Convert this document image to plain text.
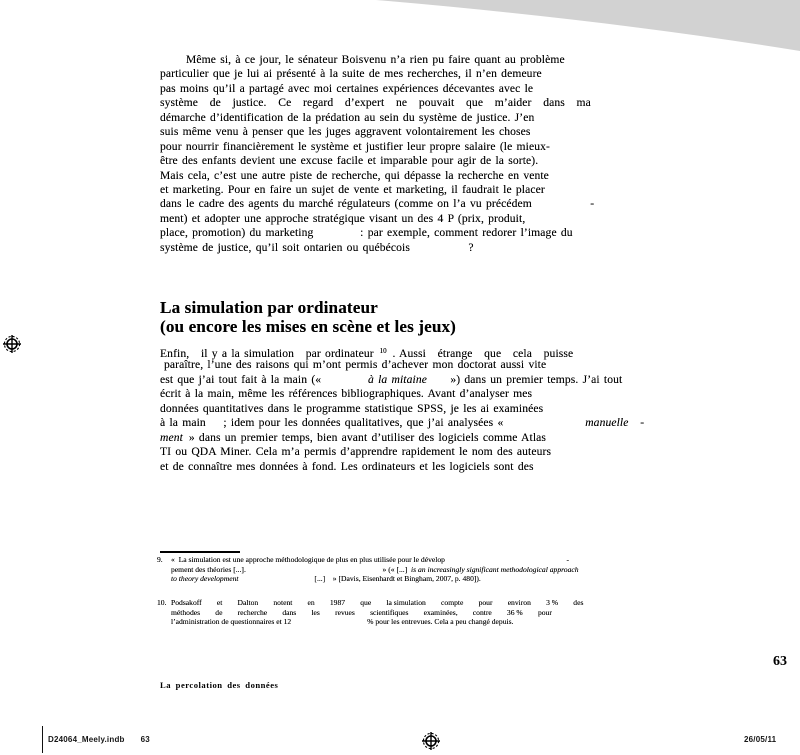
Même si, à ce jour, le sénateur Boisvenu n’a rien pu faire quant au problème
particulier que je lui ai présenté à la suite de mes recherches, il n’en demeure
pas moins qu’il a partagé avec moi certaines expériences décevantes avec le
système de justice. Ce regard d’expert ne pouvait que m’aider dans ma
démarche d’identification de la prédation au sein du système de justice. J’en
suis même venu à penser que les juges aggravent volontairement les choses
pour nourrir financièrement le système et justifier leur propre salaire (le mieux-
être des enfants devient une excuse facile et imparable pour agir de la sorte).
Mais cela, c’est une autre piste de recherche, qui dépasse la recherche en vente
et marketing. Pour en faire un sujet de vente et marketing, il faudrait le placer
dans le cadre des agents du marché régulateurs (comme on l’a vu précédem     -
ment) et adopter une approche stratégique visant un des 4 P (prix, produit,
place, promotion) du marketing    : par exemple, comment redorer l’image du
système de justice, qu’il soit ontarien ou québécois     ?
La simulation par ordinateur
(ou encore les mises en scène et les jeux)
Enfin, il y a la simulation par ordinateur $^{10}$ . Aussi étrange que cela puisse
paraître, l’une des raisons qui m’ont permis d’achever mon doctorat aussi vite
est que j’ai tout fait à la main («    à la mitaine  ») dans un premier temps. J’ai tout
écrit à la main, même les références bibliographiques. Avant d’analyser mes
données quantitatives dans le programme statistique SPSS, je les ai examinées
à la main  ; idem pour les données qualitatives, que j’ai analysées «       manuelle -
ment » dans un premier temps, bien avant d’utiliser des logiciels comme Atlas
TI ou QDA Miner. Cela m’a permis d’apprendre rapidement le nom des auteurs
et de connaître mes données à fond. Les ordinateurs et les logiciels sont des
9. « La simulation est une approche méthodologique de plus en plus utilisée pour le dévelop                -
pement des théories [...].                  » (« [...] is an increasingly significant methodological approach
to theory development          [...] » [Davis, Eisenhardt et Bingham, 2007, p. 480]).
10. Podsakoff  et  Dalton  notent  en  1987  que  la simulation  compte  pour  environ  3 %  des
méthodes  de  recherche  dans  les  revues  scientifiques  examinées,  contre  36 %  pour
l’administration de questionnaires et 12          % pour les entrevues. Cela a peu changé depuis.
63
La percolation des données
D24064_Meely.indb 63	26/05/11
